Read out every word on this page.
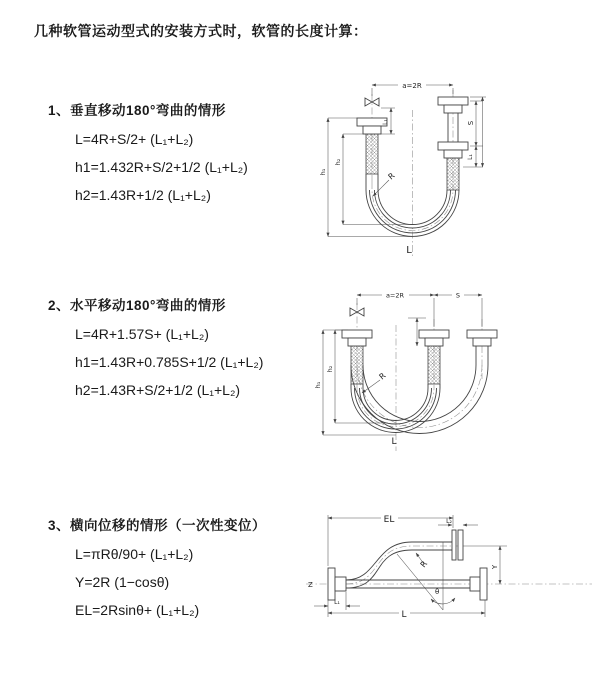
几种软管运动型式的安装方式时，软管的长度计算：
1、垂直移动180°弯曲的情形
L=4R+S/2+ (L₁+L₂)
h1=1.432R+S/2+1/2 (L₁+L₂)
h2=1.43R+1/2 (L₁+L₂)
a=2R
S
L₁
L₁
h₁
h₂
R
L
2、水平移动180°弯曲的情形
L=4R+1.57S+ (L₁+L₂)
h1=1.43R+0.785S+1/2 (L₁+L₂)
h2=1.43R+S/2+1/2 (L₁+L₂)
a=2R	S
h₁
h₂
R
L
3、横向位移的情形（一次性变位）
L=πRθ/90+ (L₁+L₂)
Y=2R (1−cosθ)
EL=2Rsinθ+ (L₁+L₂)
EL	L₂
Y
R
θ
L
L₁
Z
